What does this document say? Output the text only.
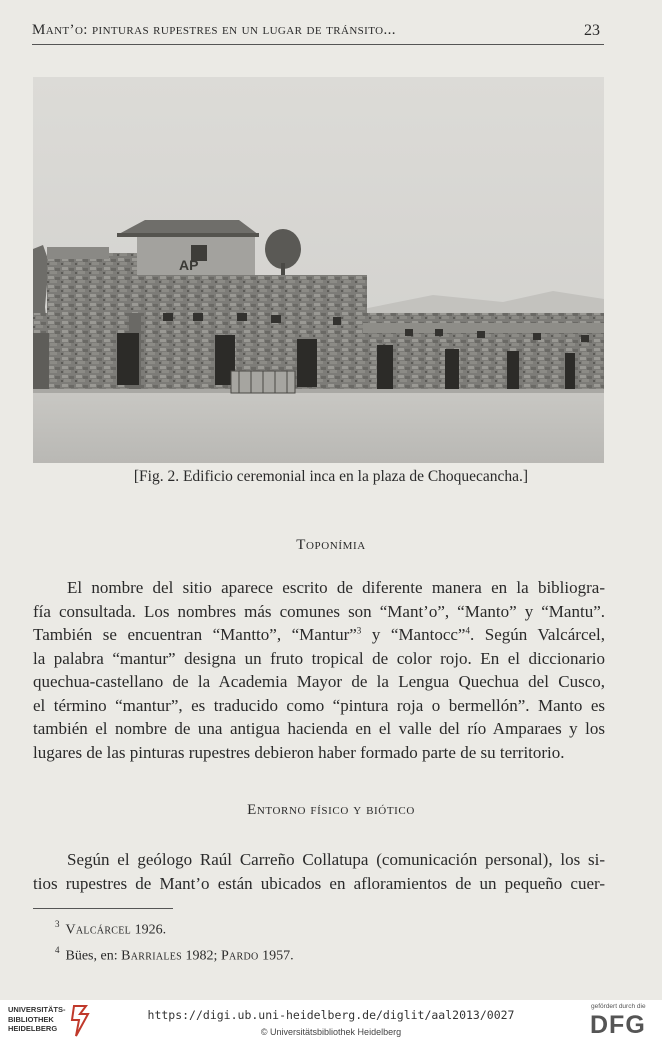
Mant’o: pinturas rupestres en un lugar de tránsito...	23
AP
[Fig. 2. Edificio ceremonial inca en la plaza de Choquecancha.]
Toponímia

El nombre del sitio aparece escrito de diferente manera en la bibliogra-
fía consultada. Los nombres más comunes son “Mant’o”, “Manto” y “Mantu”.
También se encuentran “Mantto”, “Mantur”$^3$ y “Mantocc”$^4$. Según Valcárcel,
la palabra “mantur” designa un fruto tropical de color rojo. En el diccionario
quechua-castellano de la Academia Mayor de la Lengua Quechua del Cusco,
el término “mantur”, es traducido como “pintura roja o bermellón”. Manto es
también el nombre de una antigua hacienda en el valle del río Amparaes y los
lugares de las pinturas rupestres debieron haber formado parte de su territorio.

Entorno físico y biótico

Según el geólogo Raúl Carreño Collatupa (comunicación personal), los si-
tios rupestres de Mant’o están ubicados en afloramientos de un pequeño cuer-

$^3$ Valcárcel 1926.
$^4$ Bües, en: Barriales 1982; Pardo 1957.
UNIVERSITÄTS-
BIBLIOTHEK
HEIDELBERG
https://digi.ub.uni-heidelberg.de/diglit/aal2013/0027
© Universitätsbibliothek Heidelberg
gefördert durch die
DFG
